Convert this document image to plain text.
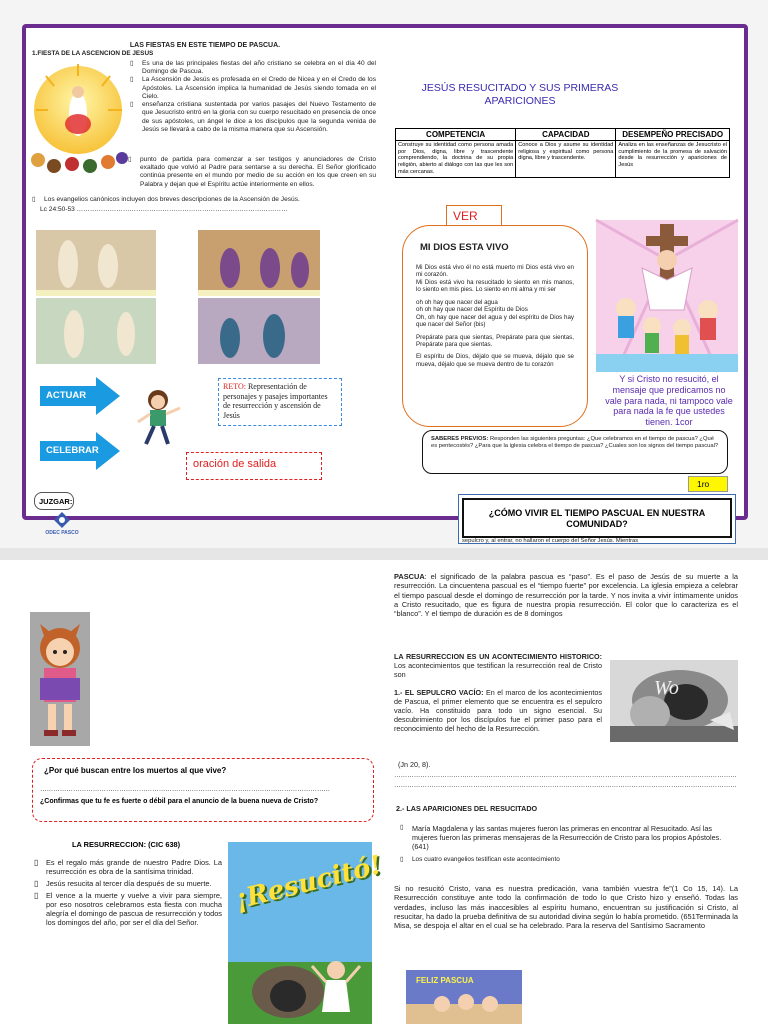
LAS FIESTAS EN ESTE TIEMPO DE PASCUA.
1.FIESTA DE LA ASCENCION DE JESUS
▯	Es una de las principales fiestas del año cristiano se celebra en el día 40 del Domingo de Pascua.
▯	La Ascensión de Jesús es profesada en el Credo de Nicea y en el Credo de los Apóstoles. La Ascensión implica la humanidad de Jesús siendo tomada en el Cielo.
▯	enseñanza cristiana sustentada por varios pasajes del Nuevo Testamento de que Jesucristo entró en la gloria con su cuerpo resucitado en presencia de once de sus apóstoles, un ángel le dice a los discípulos que la segunda venida de Jesús se llevará a cabo de la misma manera que su Ascensión.
▯	punto de partida para comenzar a ser testigos y anunciadores de Cristo exaltado que volvió al Padre para sentarse a su derecha. El Señor glorificado continúa presente en el mundo por medio de su acción en los que creen en su Palabra y dejan que el Espíritu actúe interiormente en ellos.
▯	Los evangelios canónicos incluyen dos breves descripciones de la Ascensión de Jesús.
Lc 24:50-53 ……………………………………………………………………………………
JESÚS RESUCITADO Y SUS PRIMERAS APARICIONES
COMPETENCIA	CAPACIDAD	DESEMPEÑO PRECISADO
Construye su identidad como persona amada por Dios, digna, libre y trascendente comprendiendo, la doctrina de su propia religión, abierto al diálogo con las que les son más cercanas.	Conoce a Dios y asume su identidad religiosa y espiritual como persona digna, libre y trascendente.	Analiza en las enseñanzas de Jesucristo el cumplimiento de la promesa de salvación desde la resurrección y apariciones de Jesús
VER
MI DIOS ESTA VIVO
Mi Dios está vivo él no está muerto mi Dios está vivo en mi corazón.
Mi Dios está vivo ha resucitado lo siento en mis manos, lo siento en mis pies. Lo siento en mi alma y mi ser
oh oh hay que nacer del agua
oh oh hay que nacer del Espíritu de Dios
Oh, oh hay que nacer del agua y del espíritu de Dios hay que nacer del Señor (bis)
Prepárate para que sientas, Prepárate para que sientas, Prepárate para que sientas.
El espíritu de Dios, déjalo que se mueva, déjalo que se mueva, déjalo que se mueva dentro de tu corazón
Y si Cristo no resucitó, el mensaje que predicamos no vale para nada, ni tampoco vale para nada la fe que ustedes tienen. 1cor
SABERES PREVIOS: Responden las siguientes preguntas: ¿Que celebramos en el tiempo de pascua? ¿Qué es pentecostés? ¿Para que la iglesia celebra el tiempo de pascua? ¿Cuales son los signos del tiempo pascual?
1ro
¿CÓMO VIVIR EL TIEMPO PASCUAL EN NUESTRA COMUNIDAD?
sepulcro y, al entrar, no hallaron el cuerpo del Señor Jesús. Mientras
ACTUAR
CELEBRAR
RETO: Representación de personajes y pasajes importantes de resurrección y ascensión de Jesús
oración de salida
JUZGAR:
ODEC PASCO
PASCUA: el significado de la palabra pascua es “paso”. Es el paso de Jesús de su muerte a la resurrección. La cincuentena pascual es el “tiempo fuerte” por excelencia. La iglesia empieza a celebrar el tiempo pascual desde el domingo de resurrección por la tarde. Y nos invita a vivir íntimamente unidos a Cristo resucitado, que es figura de nuestra propia resurrección. El color que lo caracteriza es el “blanco”. Y el tiempo de duración es de 8 domingos
LA RESURRECCION ES UN ACONTECIMIENTO HISTORICO: Los acontecimientos que testifican la resurrección real de Cristo son
1.- EL SEPULCRO VACÍO: En el marco de los acontecimientos de Pascua, el primer elemento que se encuentra es el sepulcro vacío. Ha constituido para todo un signo esencial. Su descubrimiento por los discípulos fue el primer paso para el reconocimiento del hecho de la Resurrección.
(Jn 20, 8).
…………………………………………………………………………………………………………………………………………
…………………………………………………………………………………………………………………………………………
Wo
2.- LAS APARICIONES DEL RESUCITADO
▯	María Magdalena y las santas mujeres fueron las primeras en encontrar al Resucitado. Así las mujeres fueron las primeras mensajeras de la Resurrección de Cristo para los propios Apóstoles. (641)
▯	Los cuatro evangelios testifican este acontecimiento
Si no resucitó Cristo, vana es nuestra predicación, vana también vuestra fe”(1 Co 15, 14). La Resurrección constituye ante todo la confirmación de todo lo que Cristo hizo y enseñó. Todas las verdades, incluso las más inaccesibles al espíritu humano, encuentran su justificación si Cristo, al resucitar, ha dado la prueba definitiva de su autoridad divina según lo había prometido. (651Terminada la Misa, se despoja el altar en el cual se ha celebrado. Para la reserva del Santísimo Sacramento
FELIZ PASCUA
¿Por qué buscan entre los muertos al que vive?
……………………………………………………………………………………………………………………
¿Confirmas que tu fe es fuerte o débil para el anuncio de la buena nueva de Cristo?
LA RESURRECCION: (CIC 638)
▯	Es el regalo más grande de nuestro Padre Dios. La resurrección es obra de la santísima trinidad.
▯	Jesús resucita al tercer día después de su muerte.
▯	El vence a la muerte y vuelve a vivir para siempre, por eso nosotros celebramos esta fiesta con mucha alegría el domingo de pascua de resurrección y todos los domingos del año, por ser el día del Señor.
¡Resucitó!
